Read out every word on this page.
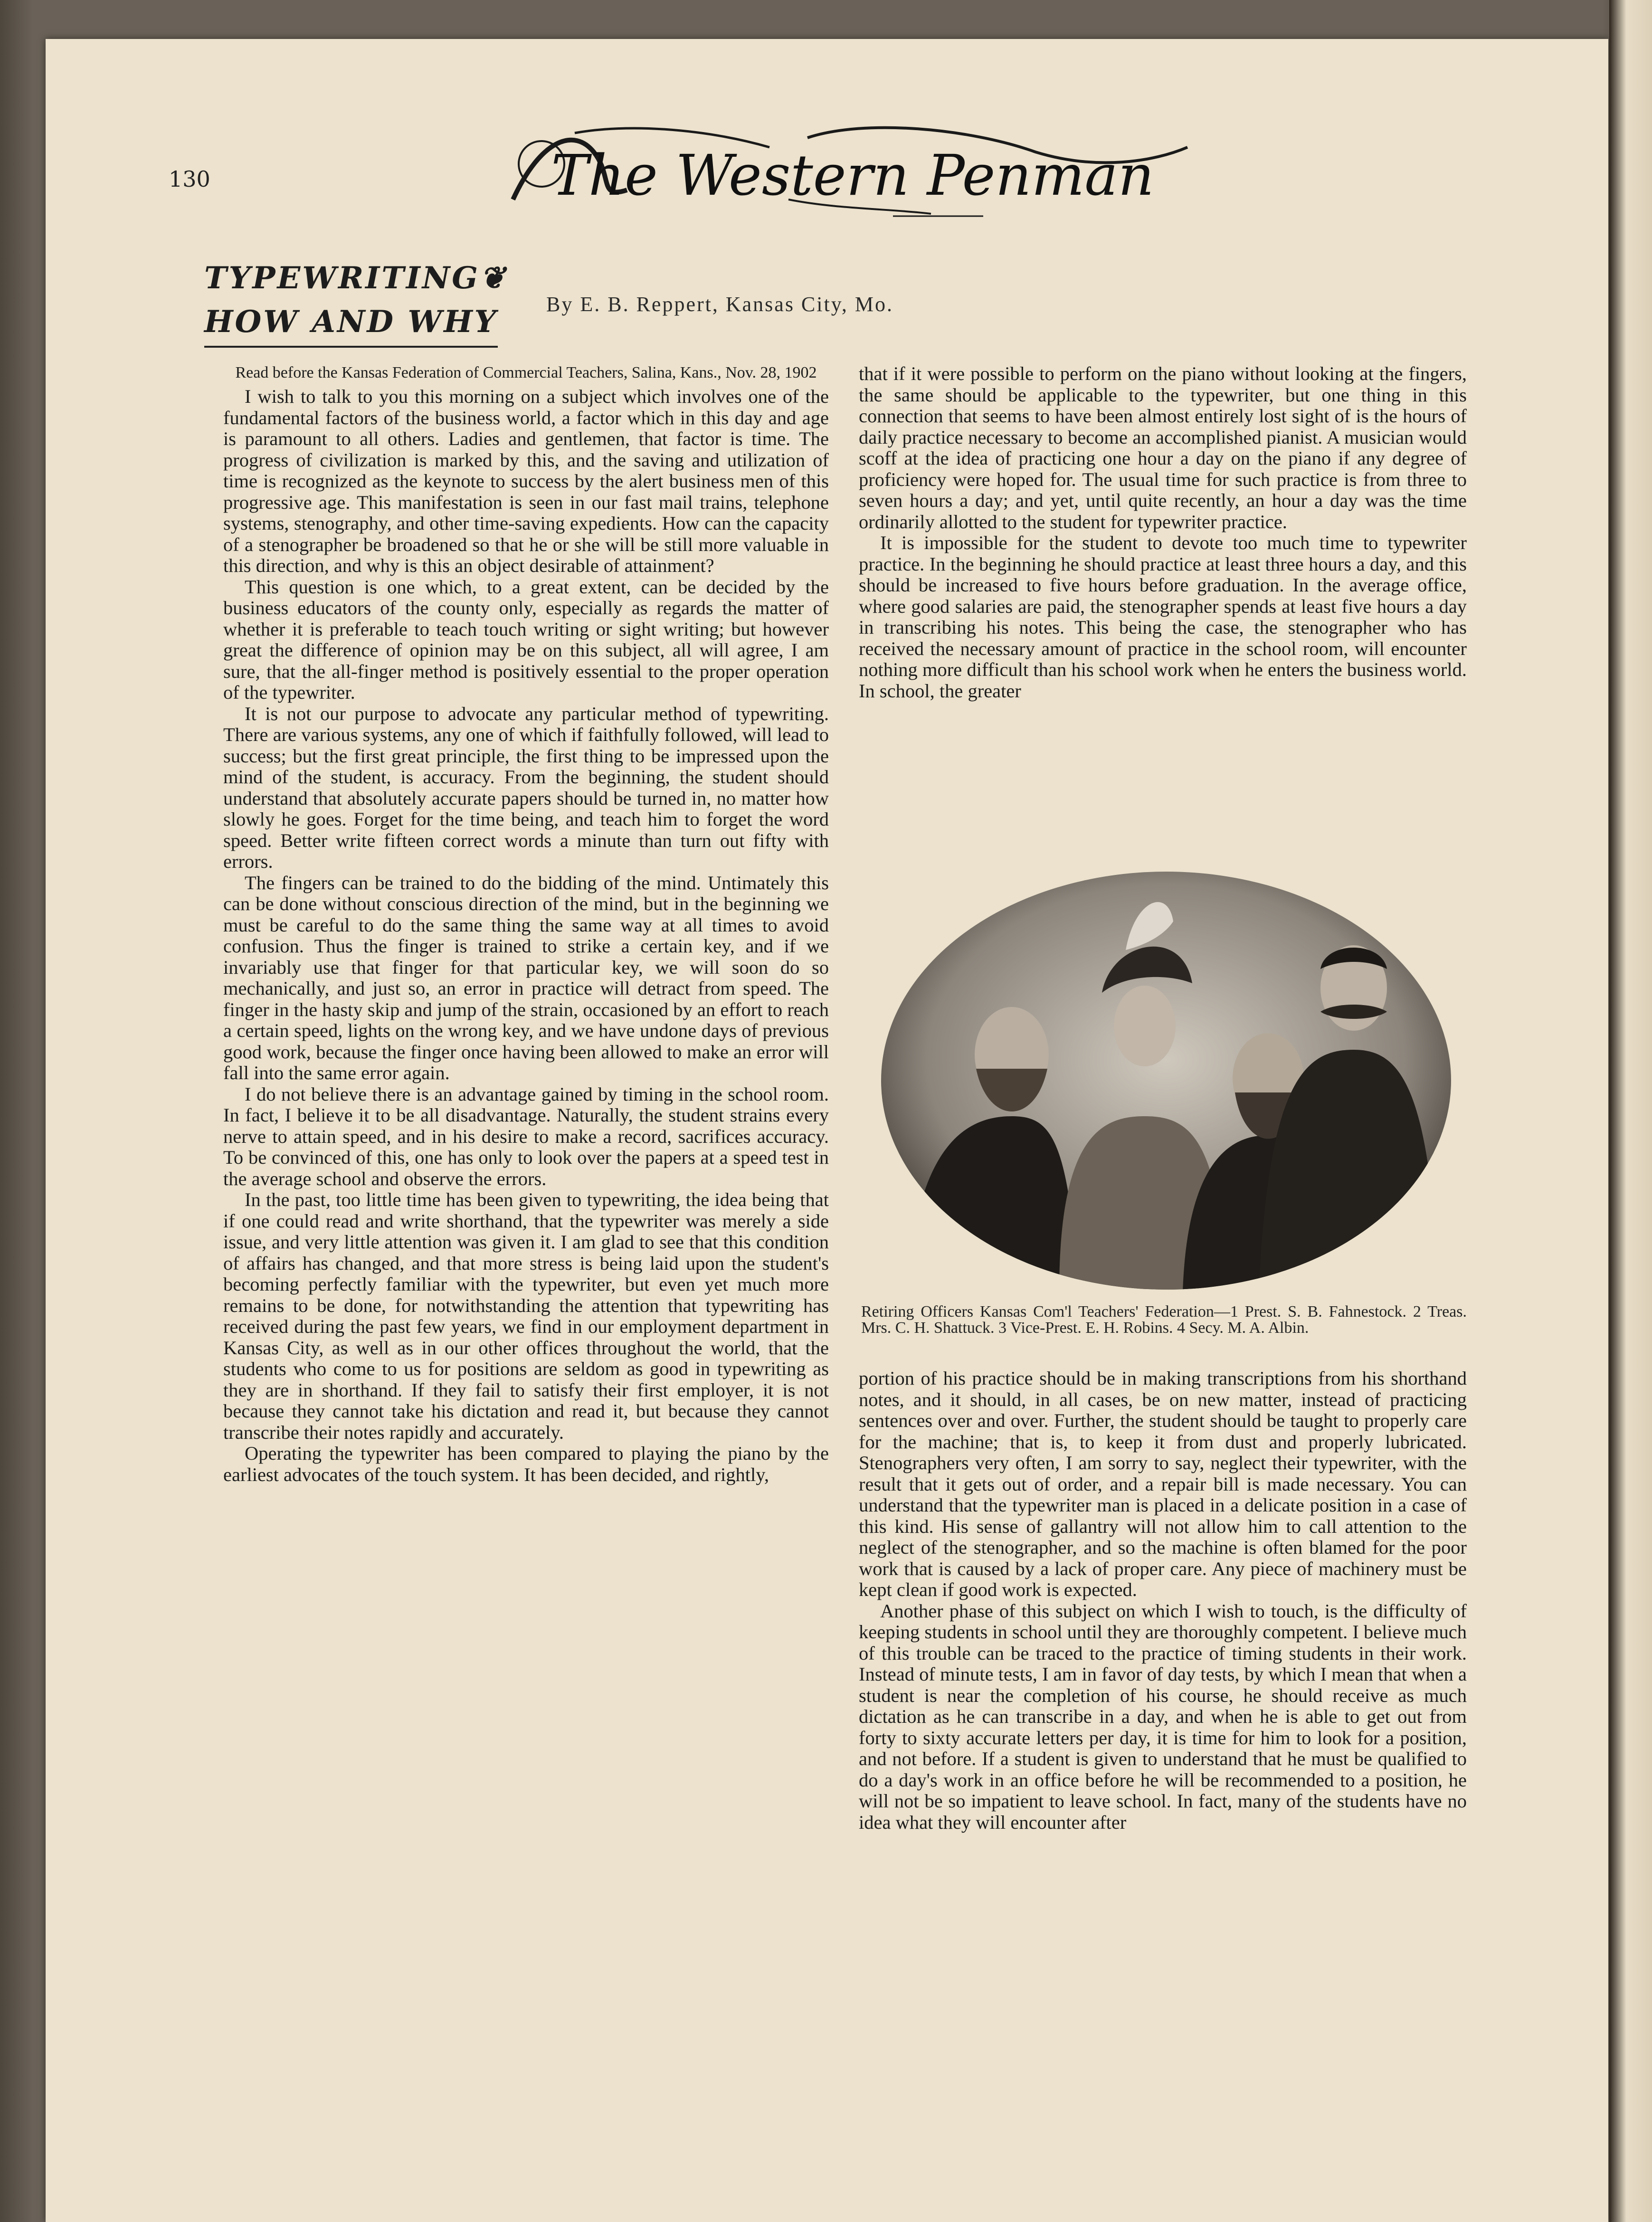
130	The Western Penman
TYPEWRITING❦
HOW AND WHY	By E. B. Reppert, Kansas City, Mo.

Read before the Kansas Federation of Commercial Teachers, Salina, Kans., Nov. 28, 1902

I wish to talk to you this morning on a subject which involves one of the fundamental factors of the business world, a factor which in this day and age is paramount to all others. Ladies and gentlemen, that factor is time. The progress of civilization is marked by this, and the saving and utilization of time is recognized as the keynote to success by the alert business men of this progressive age. This manifestation is seen in our fast mail trains, telephone systems, stenography, and other time-saving expedients. How can the capacity of a stenographer be broadened so that he or she will be still more valuable in this direction, and why is this an object desirable of attainment?

This question is one which, to a great extent, can be decided by the business educators of the county only, especially as regards the matter of whether it is preferable to teach touch writing or sight writing; but however great the difference of opinion may be on this subject, all will agree, I am sure, that the all-finger method is positively essential to the proper operation of the typewriter.

It is not our purpose to advocate any particular method of typewriting. There are various systems, any one of which if faithfully followed, will lead to success; but the first great principle, the first thing to be impressed upon the mind of the student, is accuracy. From the beginning, the student should understand that absolutely accurate papers should be turned in, no matter how slowly he goes. Forget for the time being, and teach him to forget the word speed. Better write fifteen correct words a minute than turn out fifty with errors.

The fingers can be trained to do the bidding of the mind. Untimately this can be done without conscious direction of the mind, but in the beginning we must be careful to do the same thing the same way at all times to avoid confusion. Thus the finger is trained to strike a certain key, and if we invariably use that finger for that particular key, we will soon do so mechanically, and just so, an error in practice will detract from speed. The finger in the hasty skip and jump of the strain, occasioned by an effort to reach a certain speed, lights on the wrong key, and we have undone days of previous good work, because the finger once having been allowed to make an error will fall into the same error again.

I do not believe there is an advantage gained by timing in the school room. In fact, I believe it to be all disadvantage. Naturally, the student strains every nerve to attain speed, and in his desire to make a record, sacrifices accuracy. To be convinced of this, one has only to look over the papers at a speed test in the average school and observe the errors.

In the past, too little time has been given to typewriting, the idea being that if one could read and write shorthand, that the typewriter was merely a side issue, and very little attention was given it. I am glad to see that this condition of affairs has changed, and that more stress is being laid upon the student's becoming perfectly familiar with the typewriter, but even yet much more remains to be done, for notwithstanding the attention that typewriting has received during the past few years, we find in our employment department in Kansas City, as well as in our other offices throughout the world, that the students who come to us for positions are seldom as good in typewriting as they are in shorthand. If they fail to satisfy their first employer, it is not because they cannot take his dictation and read it, but because they cannot transcribe their notes rapidly and accurately.

Operating the typewriter has been compared to playing the piano by the earliest advocates of the touch system. It has been decided, and rightly,

that if it were possible to perform on the piano without looking at the fingers, the same should be applicable to the typewriter, but one thing in this connection that seems to have been almost entirely lost sight of is the hours of daily practice necessary to become an accomplished pianist. A musician would scoff at the idea of practicing one hour a day on the piano if any degree of proficiency were hoped for. The usual time for such practice is from three to seven hours a day; and yet, until quite recently, an hour a day was the time ordinarily allotted to the student for typewriter practice.

It is impossible for the student to devote too much time to typewriter practice. In the beginning he should practice at least three hours a day, and this should be increased to five hours before graduation. In the average office, where good salaries are paid, the stenographer spends at least five hours a day in transcribing his notes. This being the case, the stenographer who has received the necessary amount of practice in the school room, will encounter nothing more difficult than his school work when he enters the business world. In school, the greater

Retiring Officers Kansas Com'l Teachers' Federation—1 Prest. S. B. Fahnestock. 2 Treas. Mrs. C. H. Shattuck. 3 Vice-Prest. E. H. Robins. 4 Secy. M. A. Albin.

portion of his practice should be in making transcriptions from his shorthand notes, and it should, in all cases, be on new matter, instead of practicing sentences over and over. Further, the student should be taught to properly care for the machine; that is, to keep it from dust and properly lubricated. Stenographers very often, I am sorry to say, neglect their typewriter, with the result that it gets out of order, and a repair bill is made necessary. You can understand that the typewriter man is placed in a delicate position in a case of this kind. His sense of gallantry will not allow him to call attention to the neglect of the stenographer, and so the machine is often blamed for the poor work that is caused by a lack of proper care. Any piece of machinery must be kept clean if good work is expected.

Another phase of this subject on which I wish to touch, is the difficulty of keeping students in school until they are thoroughly competent. I believe much of this trouble can be traced to the practice of timing students in their work. Instead of minute tests, I am in favor of day tests, by which I mean that when a student is near the completion of his course, he should receive as much dictation as he can transcribe in a day, and when he is able to get out from forty to sixty accurate letters per day, it is time for him to look for a position, and not before. If a student is given to understand that he must be qualified to do a day's work in an office before he will be recommended to a position, he will not be so impatient to leave school. In fact, many of the students have no idea what they will encounter after
